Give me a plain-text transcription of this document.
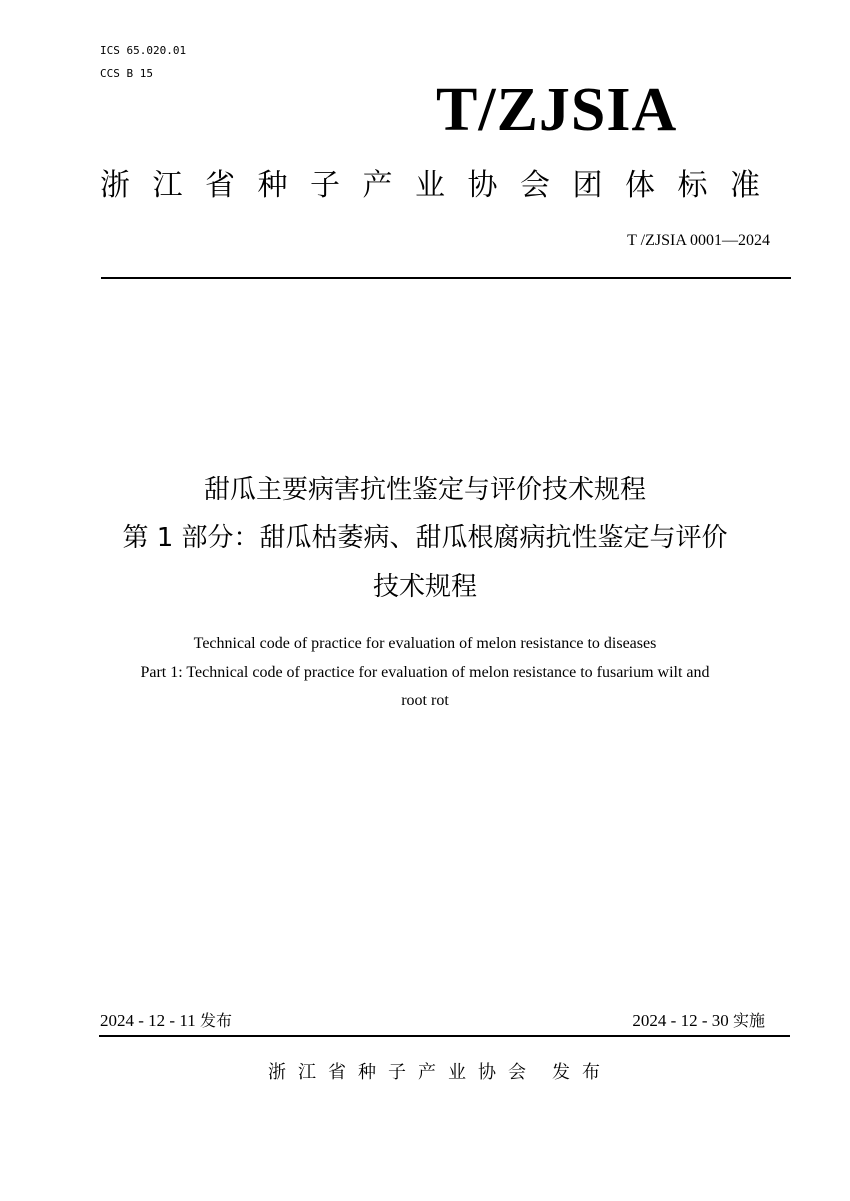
ICS 65.020.01
CCS B 15
T/ZJSIA
浙江省种子产业协会团体标准
T /ZJSIA 0001—2024
甜瓜主要病害抗性鉴定与评价技术规程
第 1 部分：甜瓜枯萎病、甜瓜根腐病抗性鉴定与评价
技术规程
Technical code of practice for evaluation of melon resistance to diseases
Part 1: Technical code of practice for evaluation of melon resistance to fusarium wilt and
root rot
2024 - 12 - 11 发布	2024 - 12 - 30 实施
浙江省种子产业协会 发布
